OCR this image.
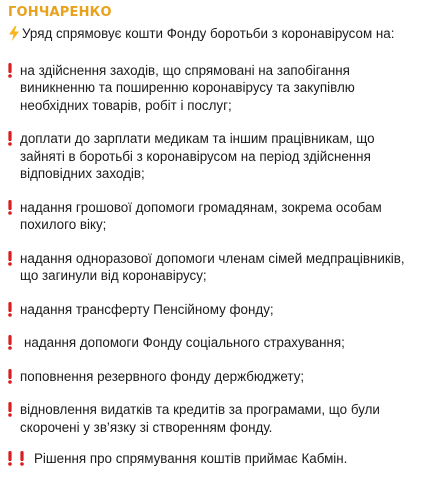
ГОНЧАРЕНКО
Уряд спрямовує кошти Фонду боротьби з коронавірусом на:
на здійснення заходів, що спрямовані на запобігання виникненню та поширенню коронавірусу та закупівлю необхідних товарів, робіт і послуг;
доплати до зарплати медикам та іншим працівникам, що зайняті в боротьбі з коронавірусом на період здійснення відповідних заходів;
надання грошової допомоги громадянам, зокрема особам похилого віку;
надання одноразової допомоги членам сімей медпрацівників, що загинули від коронавірусу;
надання трансферту Пенсійному фонду;
надання допомоги Фонду соціального страхування;
поповнення резервного фонду держбюджету;
відновлення видатків та кредитів за програмами, що були скорочені у зв’язку зі створенням фонду.
Рішення про спрямування коштів приймає Кабмін.
